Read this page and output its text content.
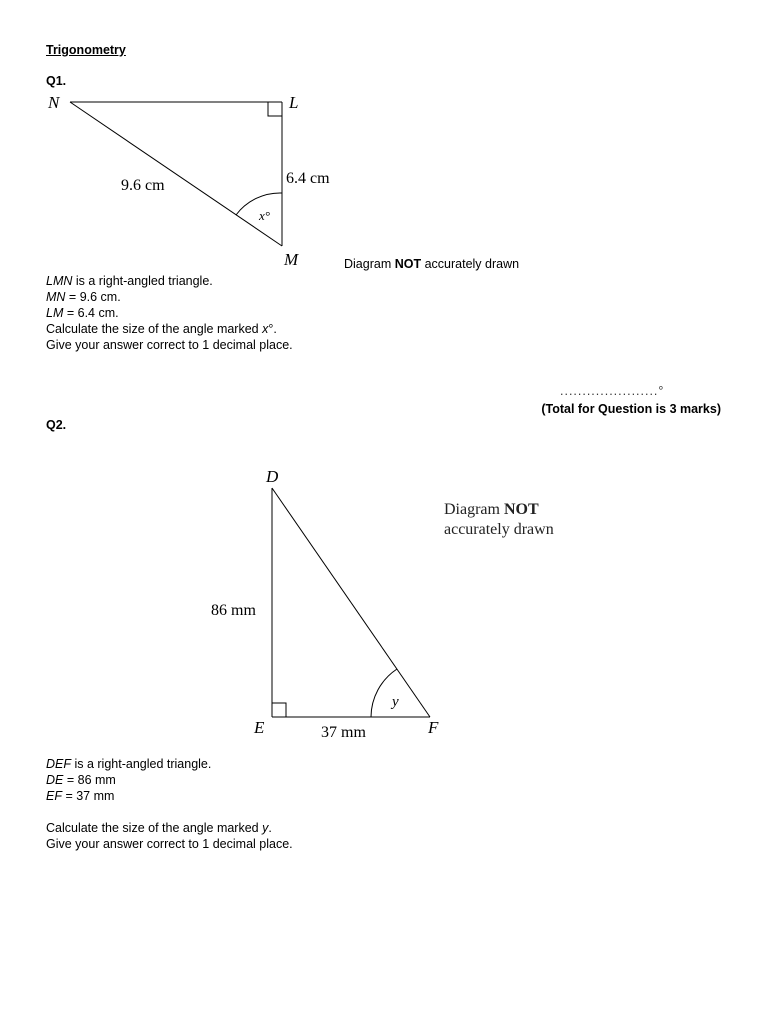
Trigonometry
Q1.
N	L
M
9.6 cm	6.4 cm
x°
D
E	F
86 mm
37 mm
y
Diagram NOT accurately drawn
LMN is a right-angled triangle.
MN = 9.6 cm.
LM = 6.4 cm.
Calculate the size of the angle marked x°.
Give your answer correct to 1 decimal place.
......................°
(Total for Question is 3 marks)
Q2.
Diagram NOT
accurately drawn
DEF is a right-angled triangle.
DE = 86 mm
EF = 37 mm
Calculate the size of the angle marked y.
Give your answer correct to 1 decimal place.
